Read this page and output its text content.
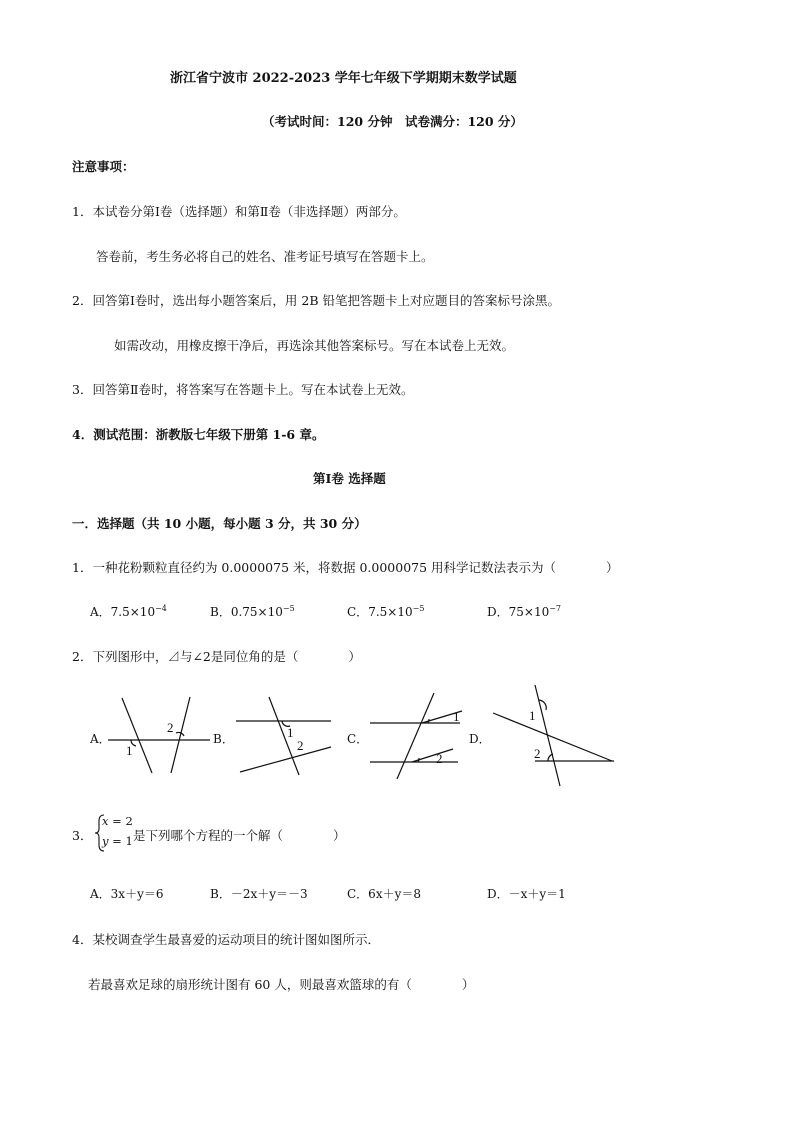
浙江省宁波市 2022-2023 学年七年级下学期期末数学试题
（考试时间：120 分钟　试卷满分：120 分）
注意事项：
1．本试卷分第Ⅰ卷（选择题）和第Ⅱ卷（非选择题）两部分。
答卷前，考生务必将自己的姓名、准考证号填写在答题卡上。
2．回答第Ⅰ卷时，选出每小题答案后，用 2B 铅笔把答题卡上对应题目的答案标号涂黑。
如需改动，用橡皮擦干净后，再选涂其他答案标号。写在本试卷上无效。
3．回答第Ⅱ卷时，将答案写在答题卡上。写在本试卷上无效。
4．测试范围：浙教版七年级下册第 1-6 章。
第Ⅰ卷 选择题
一．选择题（共 10 小题，每小题 3 分，共 30 分）
1．一种花粉颗粒直径约为 0.0000075 米，将数据 0.0000075 用科学记数法表示为（　　　　）
A．$7.5\times 10^{-4}$	B．$0.75\times 10^{-5}$	C．$7.5\times 10^{-5}$	D．$75\times 10^{-7}$
2．下列图形中，⊿与∠2是同位角的是（　　　　）
A．	B．	C．	D．
1
2	1
2
1
2
1
2
3．
x = 2
y = 1 是下列哪个方程的一个解（　　　　）
A．3x＋y＝6	B．－2x＋y＝－3	C．6x＋y＝8	D．－x＋y＝1
4．某校调查学生最喜爱的运动项目的统计图如图所示．
若最喜欢足球的扇形统计图有 60 人，则最喜欢篮球的有（　　　　）
